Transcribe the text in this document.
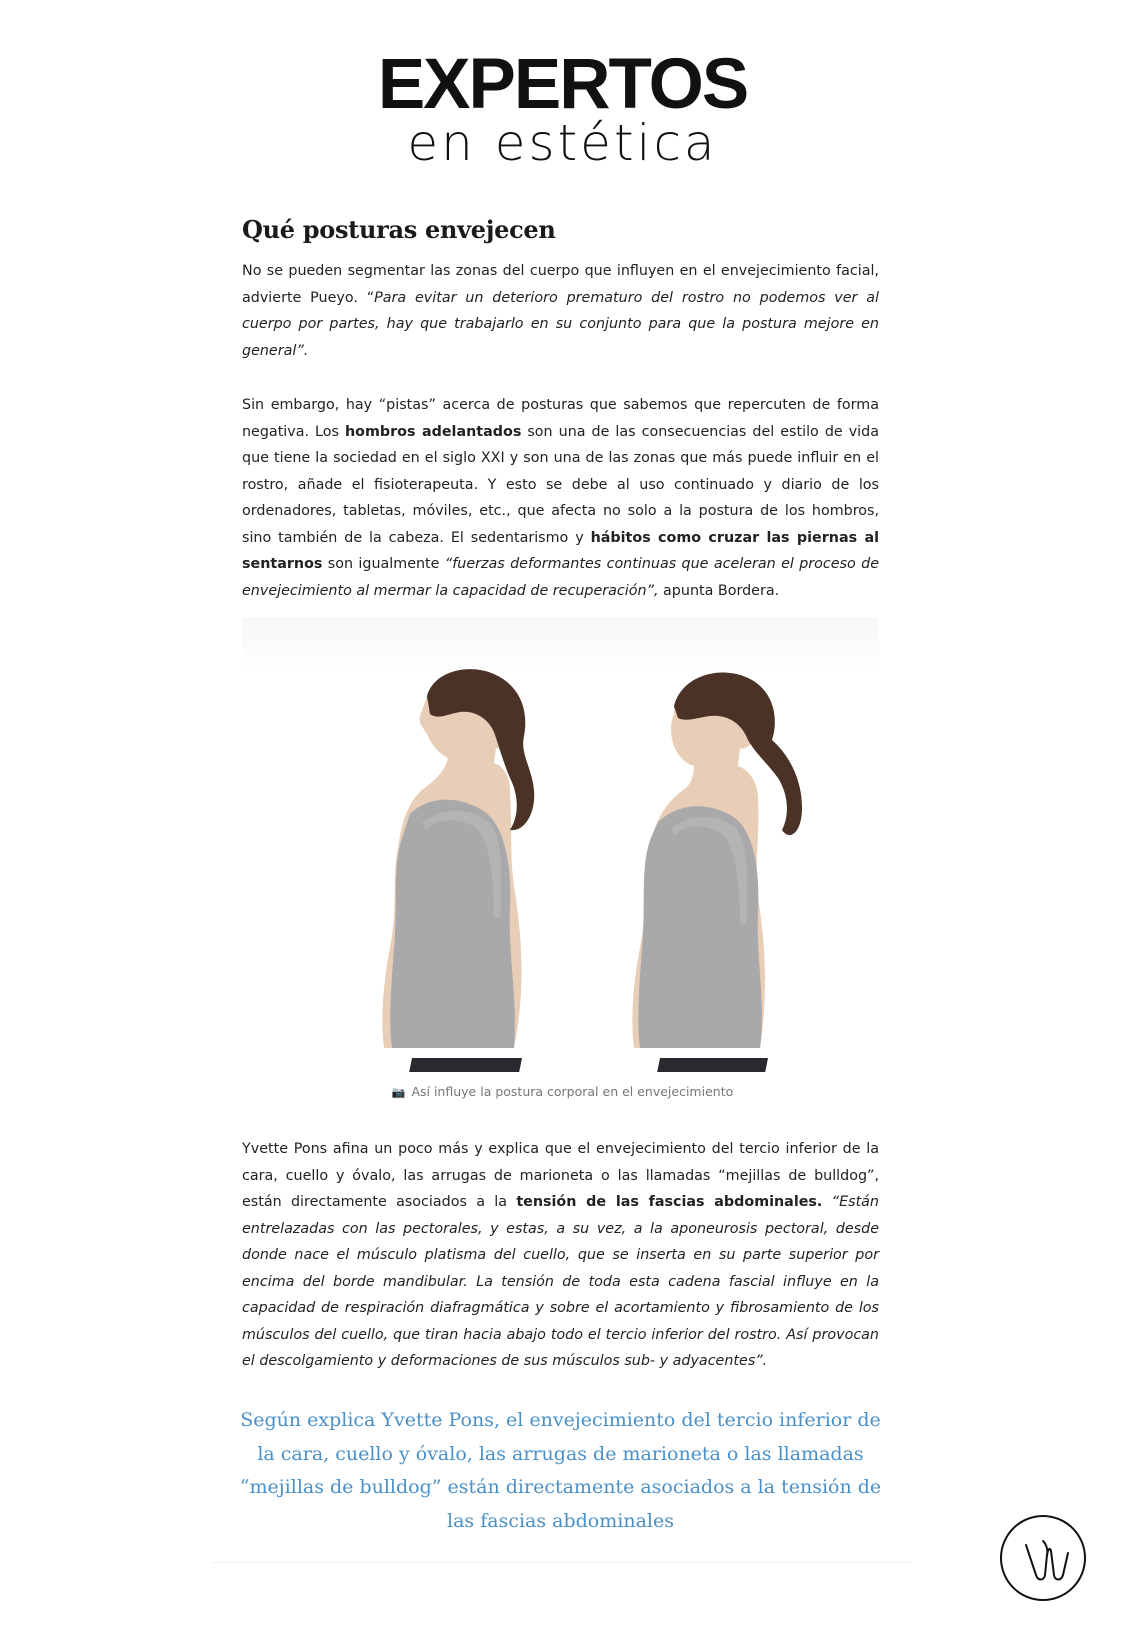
EXPERTOS
en estética
Qué posturas envejecen

No se pueden segmentar las zonas del cuerpo que influyen en el envejecimiento facial, advierte Pueyo. “Para evitar un deterioro prematuro del rostro no podemos ver al cuerpo por partes, hay que trabajarlo en su conjunto para que la postura mejore en general”.

Sin embargo, hay “pistas” acerca de posturas que sabemos que repercuten de forma negativa. Los hombros adelantados son una de las consecuencias del estilo de vida que tiene la sociedad en el siglo XXI y son una de las zonas que más puede influir en el rostro, añade el fisioterapeuta. Y esto se debe al uso continuado y diario de los ordenadores, tabletas, móviles, etc., que afecta no solo a la postura de los hombros, sino también de la cabeza. El sedentarismo y hábitos como cruzar las piernas al sentarnos son igualmente “fuerzas deformantes continuas que aceleran el proceso de envejecimiento al mermar la capacidad de recuperación”, apunta Bordera.

📷 Así influye la postura corporal en el envejecimiento

Yvette Pons afina un poco más y explica que el envejecimiento del tercio inferior de la cara, cuello y óvalo, las arrugas de marioneta o las llamadas “mejillas de bulldog”, están directamente asociados a la tensión de las fascias abdominales. “Están entrelazadas con las pectorales, y estas, a su vez, a la aponeurosis pectoral, desde donde nace el músculo platisma del cuello, que se inserta en su parte superior por encima del borde mandibular. La tensión de toda esta cadena fascial influye en la capacidad de respiración diafragmática y sobre el acortamiento y fibrosamiento de los músculos del cuello, que tiran hacia abajo todo el tercio inferior del rostro. Así provocan el descolgamiento y deformaciones de sus músculos sub- y adyacentes”.

Según explica Yvette Pons, el envejecimiento del tercio inferior de la cara, cuello y óvalo, las arrugas de marioneta o las llamadas “mejillas de bulldog” están directamente asociados a la tensión de las fascias abdominales
